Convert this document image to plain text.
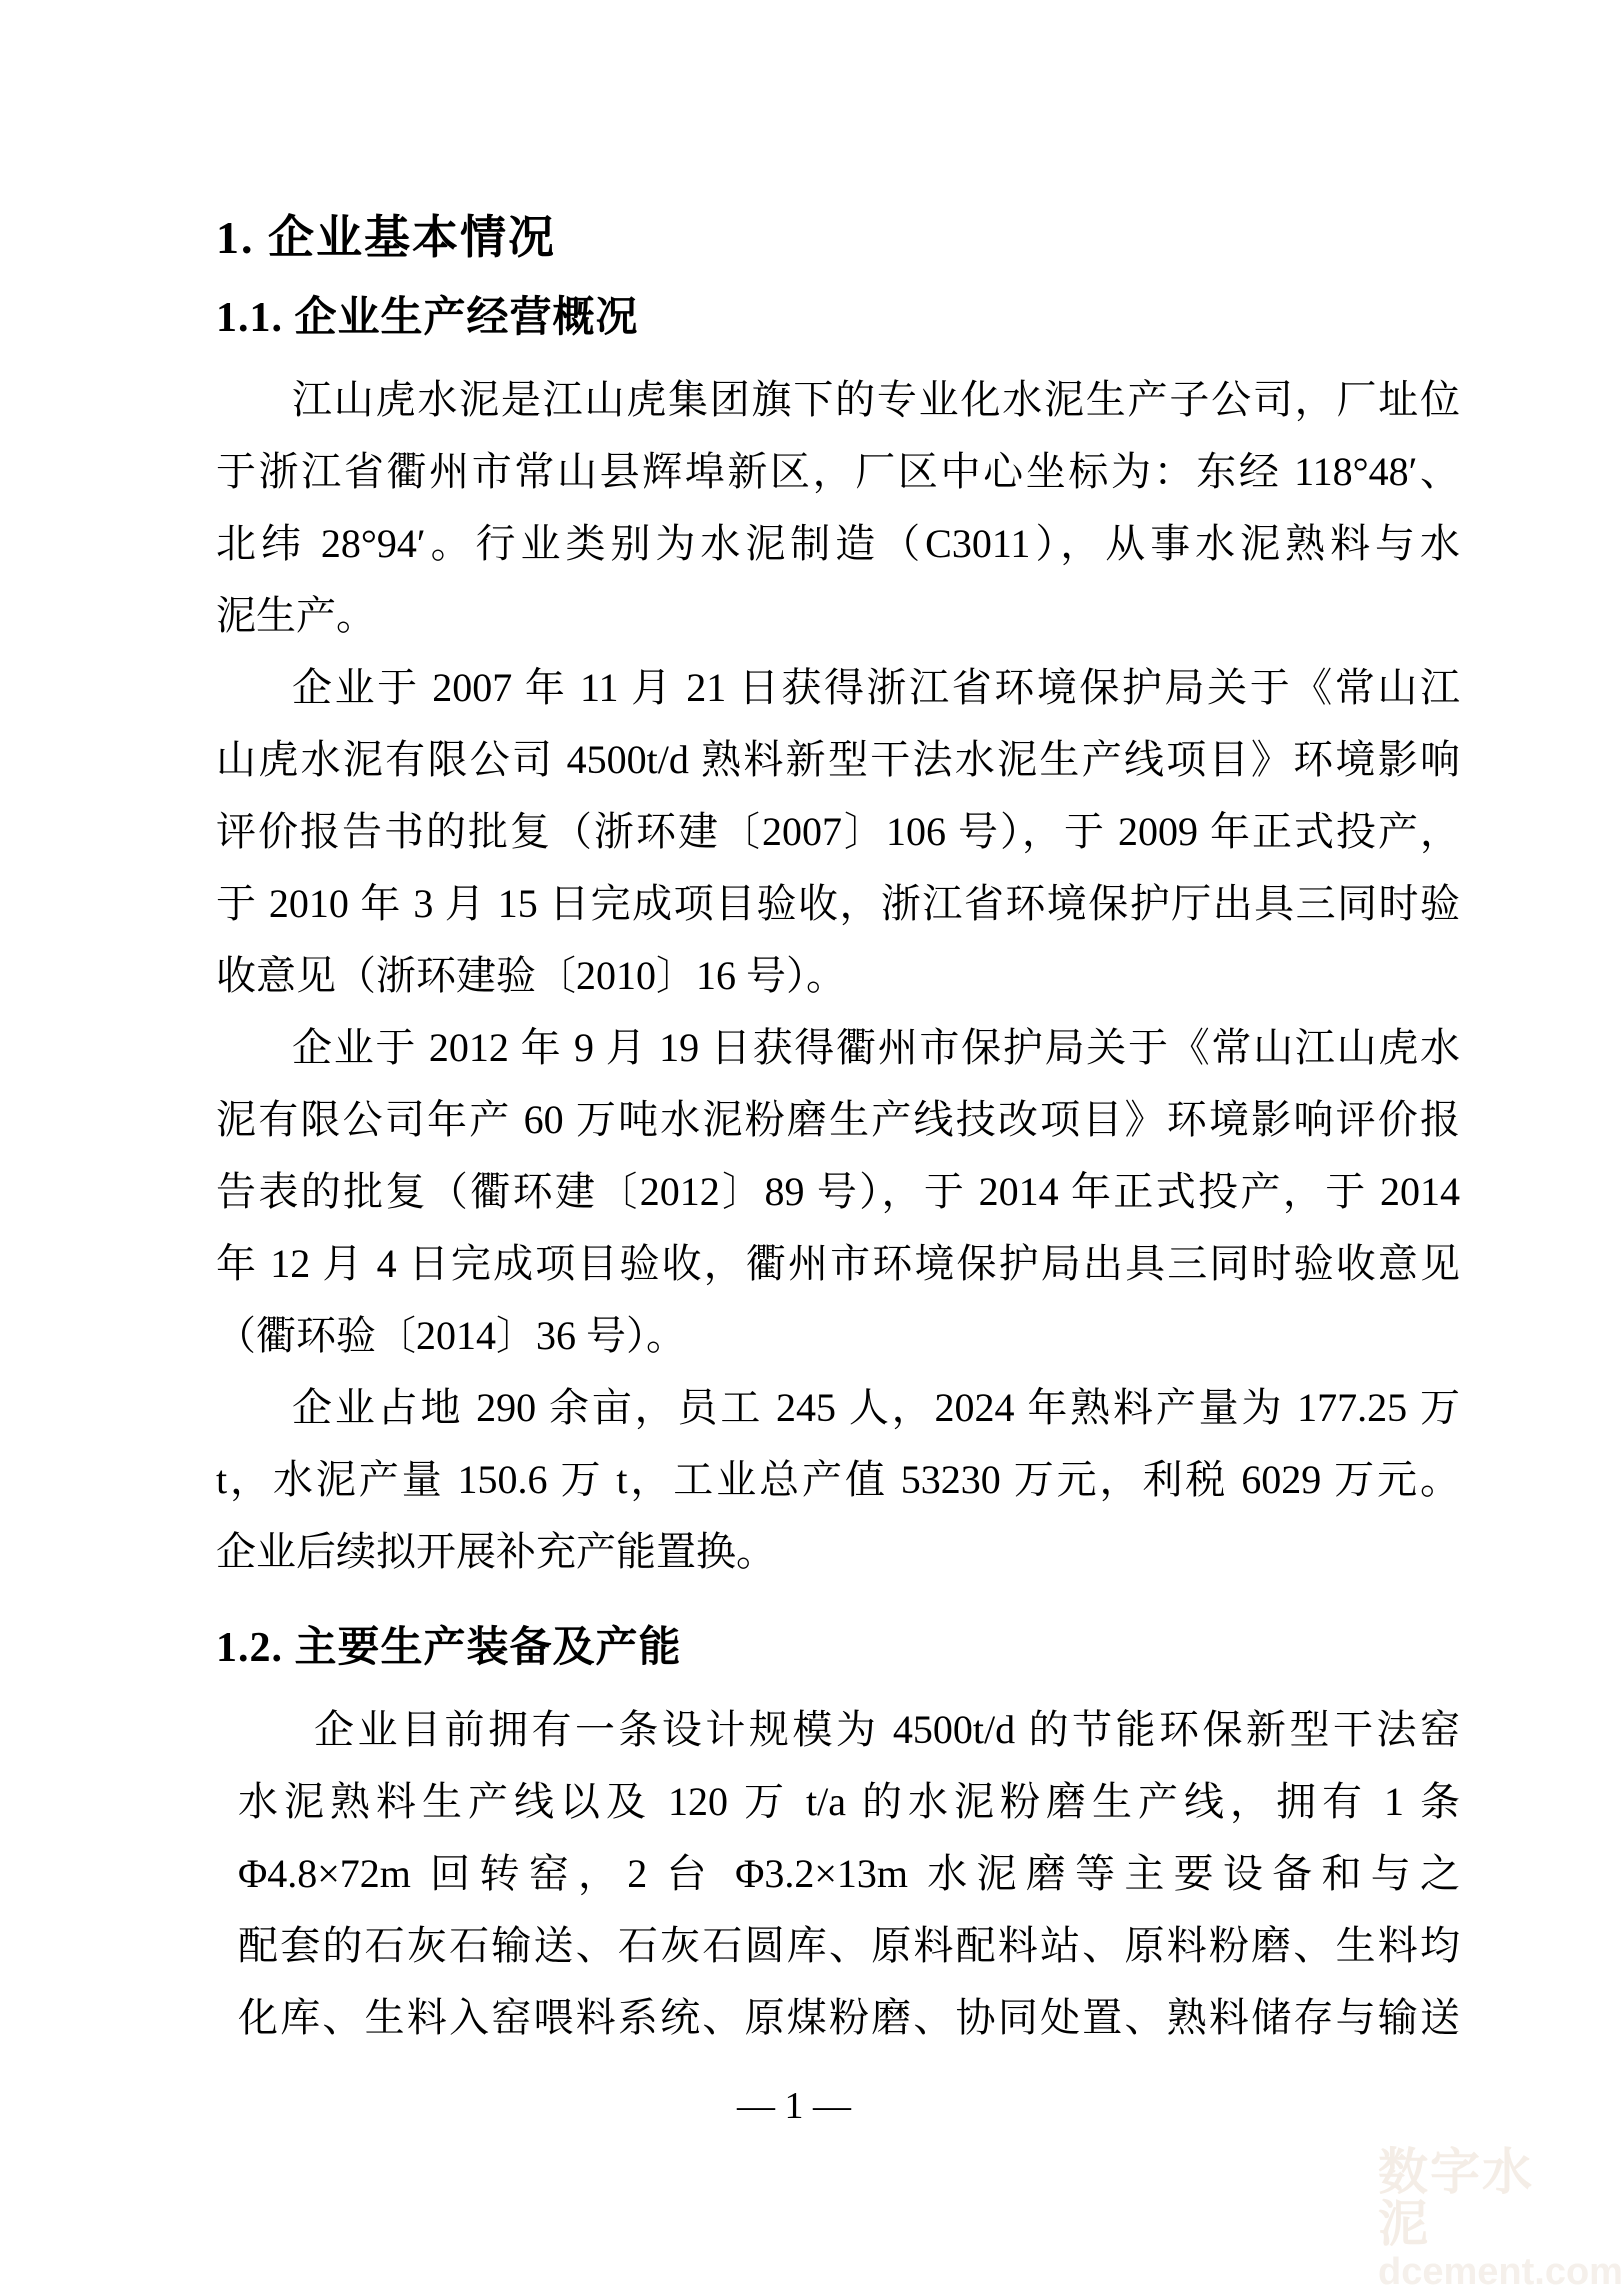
1. 企业基本情况
1.1. 企业生产经营概况
江山虎水泥是江山虎集团旗下的专业化水泥生产子公司，厂址位
于浙江省衢州市常山县辉埠新区，厂区中心坐标为：东经 118°48′、
北纬 28°94′。行业类别为水泥制造（C3011），从事水泥熟料与水
泥生产。
企业于 2007 年 11 月 21 日获得浙江省环境保护局关于《常山江
山虎水泥有限公司 4500t/d 熟料新型干法水泥生产线项目》环境影响
评价报告书的批复（浙环建〔2007〕106 号），于 2009 年正式投产，
于 2010 年 3 月 15 日完成项目验收，浙江省环境保护厅出具三同时验
收意见（浙环建验〔2010〕16 号）。
企业于 2012 年 9 月 19 日获得衢州市保护局关于《常山江山虎水
泥有限公司年产 60 万吨水泥粉磨生产线技改项目》环境影响评价报
告表的批复（衢环建〔2012〕89 号），于 2014 年正式投产，于 2014
年 12 月 4 日完成项目验收，衢州市环境保护局出具三同时验收意见
（衢环验〔2014〕36 号）。
企业占地 290 余亩，员工 245 人，2024 年熟料产量为 177.25 万
t，水泥产量 150.6 万 t，工业总产值 53230 万元，利税 6029 万元。
企业后续拟开展补充产能置换。
1.2. 主要生产装备及产能
企业目前拥有一条设计规模为 4500t/d 的节能环保新型干法窑
水泥熟料生产线以及 120 万 t/a 的水泥粉磨生产线，拥有 1 条
Φ4.8×72m 回转窑，2 台 Φ3.2×13m 水泥磨等主要设备和与之
配套的石灰石输送、石灰石圆库、原料配料站、原料粉磨、生料均
化库、生料入窑喂料系统、原煤粉磨、协同处置、熟料储存与输送
— 1 —
数字水泥
dcement.com
